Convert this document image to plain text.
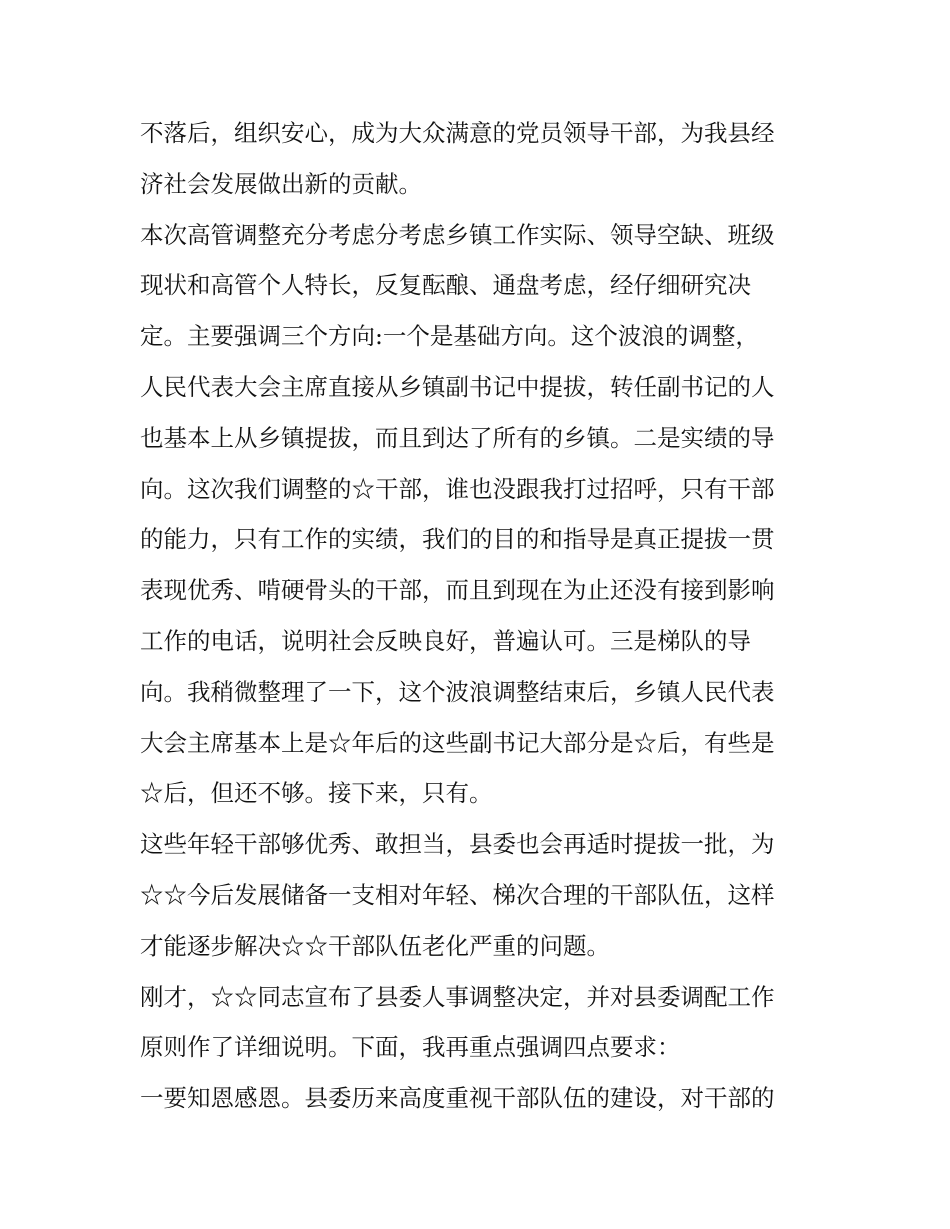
不落后，组织安心，成为大众满意的党员领导干部，为我县经
济社会发展做出新的贡献。
本次高管调整充分考虑分考虑乡镇工作实际、领导空缺、班级
现状和高管个人特长，反复酝酿、通盘考虑，经仔细研究决
定。主要强调三个方向:一个是基础方向。这个波浪的调整，
人民代表大会主席直接从乡镇副书记中提拔，转任副书记的人
也基本上从乡镇提拔，而且到达了所有的乡镇。二是实绩的导
向。这次我们调整的☆干部，谁也没跟我打过招呼，只有干部
的能力，只有工作的实绩，我们的目的和指导是真正提拔一贯
表现优秀、啃硬骨头的干部，而且到现在为止还没有接到影响
工作的电话，说明社会反映良好，普遍认可。三是梯队的导
向。我稍微整理了一下，这个波浪调整结束后，乡镇人民代表
大会主席基本上是☆年后的这些副书记大部分是☆后，有些是
☆后，但还不够。接下来，只有。
这些年轻干部够优秀、敢担当，县委也会再适时提拔一批，为
☆☆今后发展储备一支相对年轻、梯次合理的干部队伍，这样
才能逐步解决☆☆干部队伍老化严重的问题。
刚才，☆☆同志宣布了县委人事调整决定，并对县委调配工作
原则作了详细说明。下面，我再重点强调四点要求：
一要知恩感恩。县委历来高度重视干部队伍的建设，对干部的
